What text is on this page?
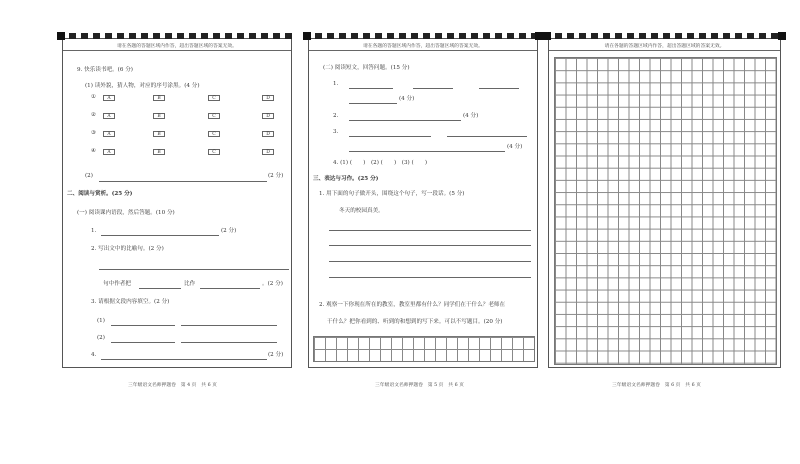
请在各题的答题区域内作答，超出答题区域的答案无效。
9. 快乐读书吧。(6 分)
(1) 读外貌，猜人物，对应的序号涂黑。(4 分)
(2)	(2 分)
二、阅读与赏析。(25 分)
(一) 阅读课内语段，然后答题。(10 分)
1.	(2 分)
2. 写出文中的比喻句。(2 分)
句中作者把	比作	。(2 分)
3. 请根据文段内容填空。(2 分)
(1)
(2)
4.	(2 分)
①	A	B	C	D
②	A	B	C	D
③	A	B	C	D
④	A	B	C	D
三年级语文名师押题卷　第 4 页　共 6 页
请在各题的答题区域内作答，超出答题区域的答案无效。
(二) 阅读短文，回答问题。(15 分)
1.
(4 分)
2.	(4 分)
3.
(4 分)
4. (1) (　　)　(2) (　　)　(3) (　　)
三、表达与习作。(25 分)
1. 用下面的句子做开头，围绕这个句子，写一段话。(5 分)
冬天的校园真美。
2. 观察一下你现在所在的教室，教室里都有什么？同学们在干什么？老师在
干什么？把你看到的、听到的和想到的写下来。可以不写题目。(20 分)
三年级语文名师押题卷　第 5 页　共 6 页
请在各题的答题区域内作答，超出答题区域的答案无效。
三年级语文名师押题卷　第 6 页　共 6 页
